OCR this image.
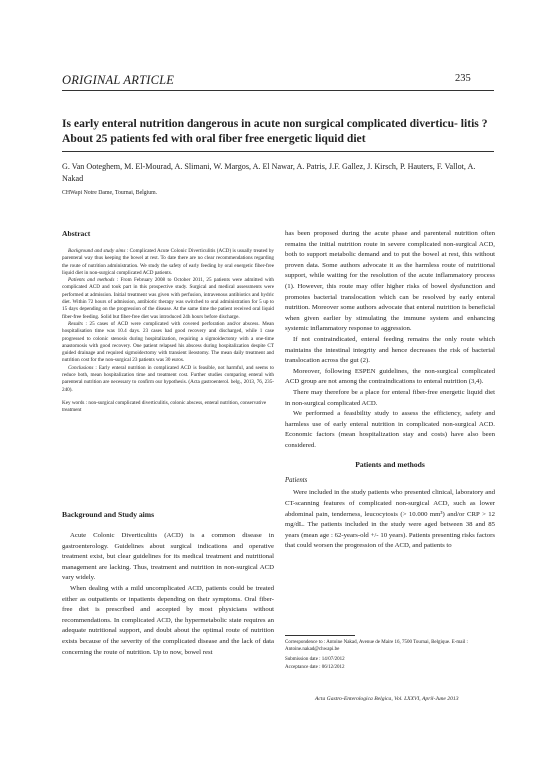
ORIGINAL ARTICLE	235
Is early enteral nutrition dangerous in acute non surgical complicated diverticu- litis ? About 25 patients fed with oral fiber free energetic liquid diet
G. Van Ooteghem, M. El-Mourad, A. Slimani, W. Margos, A. El Nawar, A. Patris, J.F. Gallez, J. Kirsch, P. Hauters, F. Vallot, A. Nakad
CHWapi Notre Dame, Tournai, Belgium.
Abstract

Background and study aims : Complicated Acute Colonic Diverticulitis (ACD) is usually treated by parenteral way thus keeping the bowel at rest. To date there are no clear recommendations regarding the route of nutrition administration. We study the safety of early feeding by oral energetic fiber-free liquid diet in non-surgical complicated ACD patients.

Patients and methods : From February 2008 to October 2011, 25 patients were admitted with complicated ACD and took part in this prospective study. Surgical and medical assessments were performed at admission. Initial treatment was given with perfusion, intravenous antibiotics and hydric diet. Within 72 hours of admission, antibiotic therapy was switched to oral administration for 5 up to 15 days depending on the progression of the disease. At the same time the patient received oral liquid fiber-free feeding. Solid but fiber-free diet was introduced 24h hours before discharge.

Results : 25 cases of ACD were complicated with covered perforation and/or abscess. Mean hospitalisation time was 10.4 days. 23 cases had good recovery and discharged, while 1 case progressed to colonic stenosis during hospitalization, requiring a sigmoidectomy with a one-time anastomosis with good recovery. One patient relapsed his abscess during hospitalization despite CT guided drainage and required sigmoidectomy with transient ileostomy. The mean daily treatment and nutrition cost for the non-surgical 23 patients was 30 euros.

Conclusions : Early enteral nutrition in complicated ACD is feasible, not harmful, and seems to reduce both, mean hospitalization time and treatment cost. Further studies comparing enteral with parenteral nutrition are necessary to confirm our hypothesis. (Acta gastroenterol. belg., 2013, 76, 235-240).

Key words : non-surgical complicated diverticulitis, colonic abscess, enteral nutrition, conservative treatment
Background and Study aims

Acute Colonic Diverticulitis (ACD) is a common disease in gastroenterology. Guidelines about surgical indications and operative treatment exist, but clear guidelines for its medical treatment and nutritional management are lacking. Thus, treatment and nutrition in non-surgical ACD vary widely.

When dealing with a mild uncomplicated ACD, patients could be treated either as outpatients or inpatients depending on their symptoms. Oral fiber-free diet is prescribed and accepted by most physicians without recommendations. In complicated ACD, the hypermetabolic state requires an adequate nutritional support, and doubt about the optimal route of nutrition exists because of the severity of the complicated disease and the lack of data concerning the route of nutrition. Up to now, bowel rest

has been proposed during the acute phase and parenteral nutrition often remains the initial nutrition route in severe complicated non-surgical ACD, both to support metabolic demand and to put the bowel at rest, this without proven data. Some authors advocate it as the harmless route of nutritional support, while waiting for the resolution of the acute inflammatory process (1). However, this route may offer higher risks of bowel dysfunction and promotes bacterial translocation which can be resolved by early enteral nutrition. Moreover some authors advocate that enteral nutrition is beneficial when given earlier by stimulating the immune system and enhancing systemic inflammatory response to aggression.

If not contraindicated, enteral feeding remains the only route which maintains the intestinal integrity and hence decreases the risk of bacterial translocation across the gut (2).

Moreover, following ESPEN guidelines, the non-surgical complicated ACD group are not among the contraindications to enteral nutrition (3,4).

There may therefore be a place for enteral fiber-free energetic liquid diet in non-surgical complicated ACD.

We performed a feasibility study to assess the efficiency, safety and harmless use of early enteral nutrition in complicated non-surgical ACD. Economic factors (mean hospitalization stay and costs) have also been considered.

Patients and methods
Patients

Were included in the study patients who presented clinical, laboratory and CT-scanning features of complicated non-surgical ACD, such as lower abdominal pain, tenderness, leucocytosis (> 10.000 mm³) and/or CRP > 12 mg/dL. The patients included in the study were aged between 38 and 85 years (mean age : 62-years-old +/- 10 years). Patients presenting risks factors that could worsen the progression of the ACD, and patients to

Correspondence to : Antoine Nakad, Avenue de Maire 16, 7500 Tournai, Belgique. E-mail : Antoine.nakad@chwapi.be
Submission date : 14/07/2012
Acceptance date : 06/12/2012
Acta Gastro-Enterologica Belgica, Vol. LXXVI, April-June 2013
